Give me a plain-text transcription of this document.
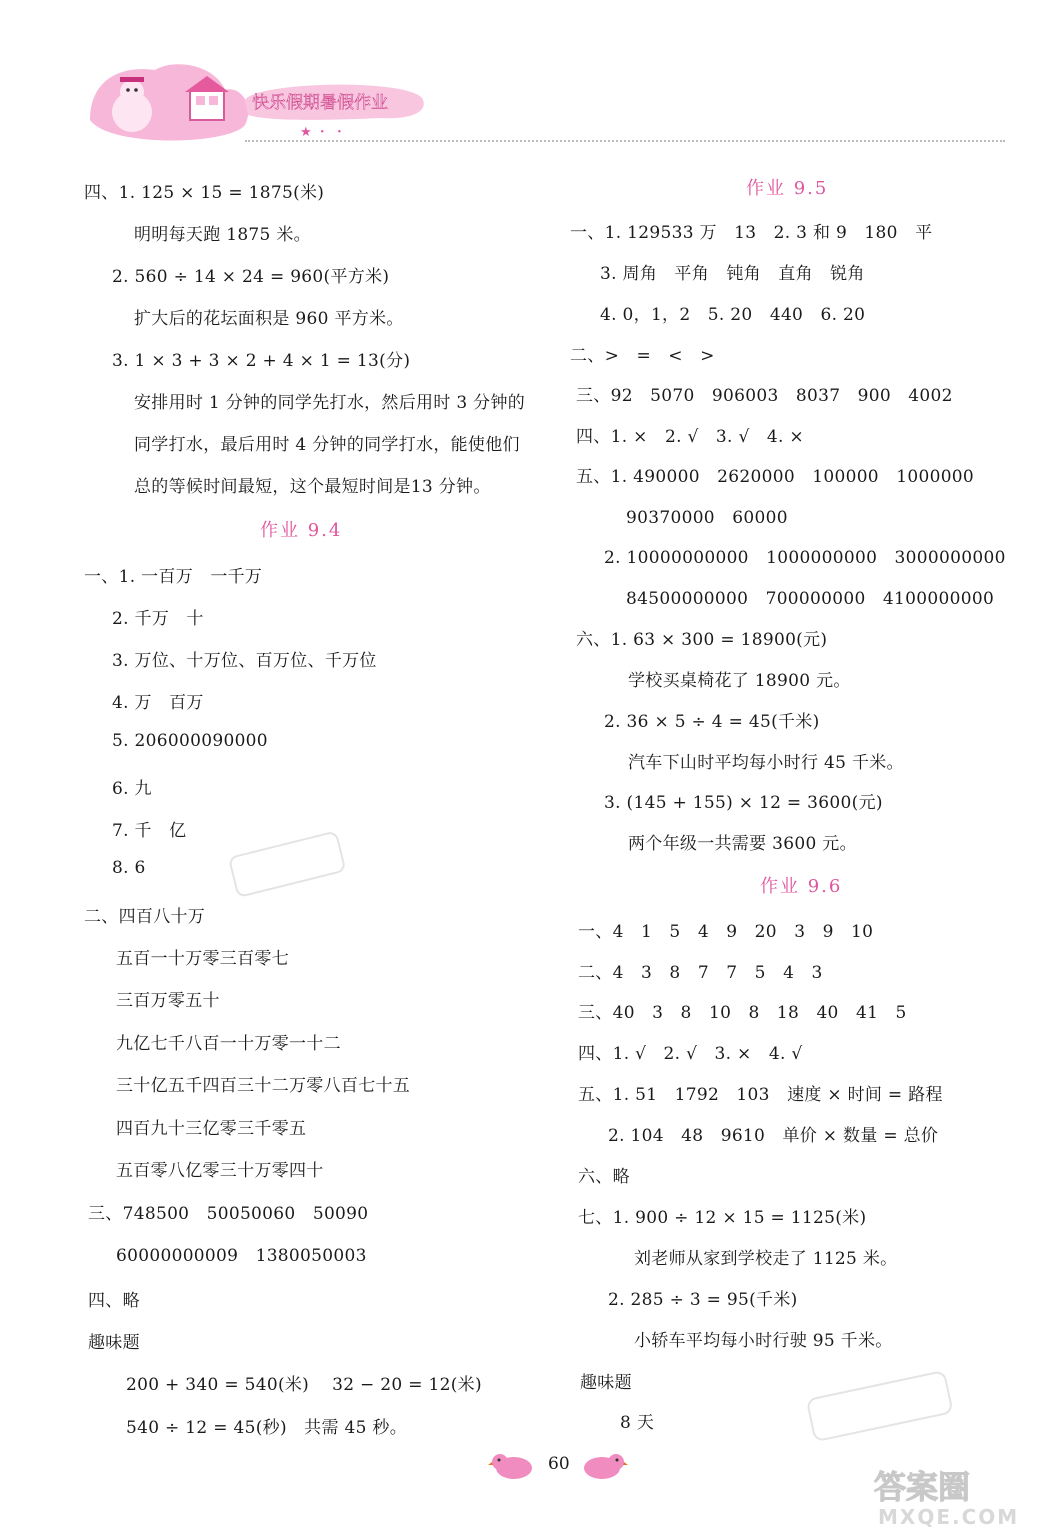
快乐假期暑假作业
★ ・ ・
四、1. 125 × 15 = 1875(米)
明明每天跑 1875 米。
2. 560 ÷ 14 × 24 = 960(平方米)
扩大后的花坛面积是 960 平方米。
3. 1 × 3 + 3 × 2 + 4 × 1 = 13(分)
安排用时 1 分钟的同学先打水，然后用时 3 分钟的
同学打水，最后用时 4 分钟的同学打水，能使他们
总的等候时间最短，这个最短时间是13 分钟。
一、1. 一百万　一千万
2. 千万　十
3. 万位、十万位、百万位、千万位
4. 万　百万
5. 206000090000
6. 九
7. 千　亿
8. 6
二、四百八十万
五百一十万零三百零七
三百万零五十
九亿七千八百一十万零一十二
三十亿五千四百三十二万零八百七十五
四百九十三亿零三千零五
五百零八亿零三十万零四十
三、748500　50050060　50090
60000000009　1380050003
四、略
趣味题
200 + 340 = 540(米)　 32 − 20 = 12(米)
540 ÷ 12 = 45(秒)　共需 45 秒。
一、1. 129533 万　13　2. 3 和 9　180　平
3. 周角　平角　钝角　直角　锐角
4. 0，1，2　5. 20　440　6. 20
二、>　=　<　>
三、92　5070　906003　8037　900　4002
四、1. ×　2. √　3. √　4. ×
五、1. 490000　2620000　100000　1000000
90370000　60000
2. 10000000000　1000000000　3000000000
84500000000　700000000　4100000000
六、1. 63 × 300 = 18900(元)
学校买桌椅花了 18900 元。
2. 36 × 5 ÷ 4 = 45(千米)
汽车下山时平均每小时行 45 千米。
3. (145 + 155) × 12 = 3600(元)
两个年级一共需要 3600 元。
一、4　1　5　4　9　20　3　9　10
二、4　3　8　7　7　5　4　3
三、40　3　8　10　8　18　40　41　5
四、1. √　2. √　3. ×　4. √
五、1. 51　1792　103　速度 × 时间 = 路程
2. 104　48　9610　单价 × 数量 = 总价
六、略
七、1. 900 ÷ 12 × 15 = 1125(米)
刘老师从家到学校走了 1125 米。
2. 285 ÷ 3 = 95(千米)
小轿车平均每小时行驶 95 千米。
趣味题
8 天
作业 9.5
作业 9.4
作业 9.6
60
答案圈
MXQE.COM
